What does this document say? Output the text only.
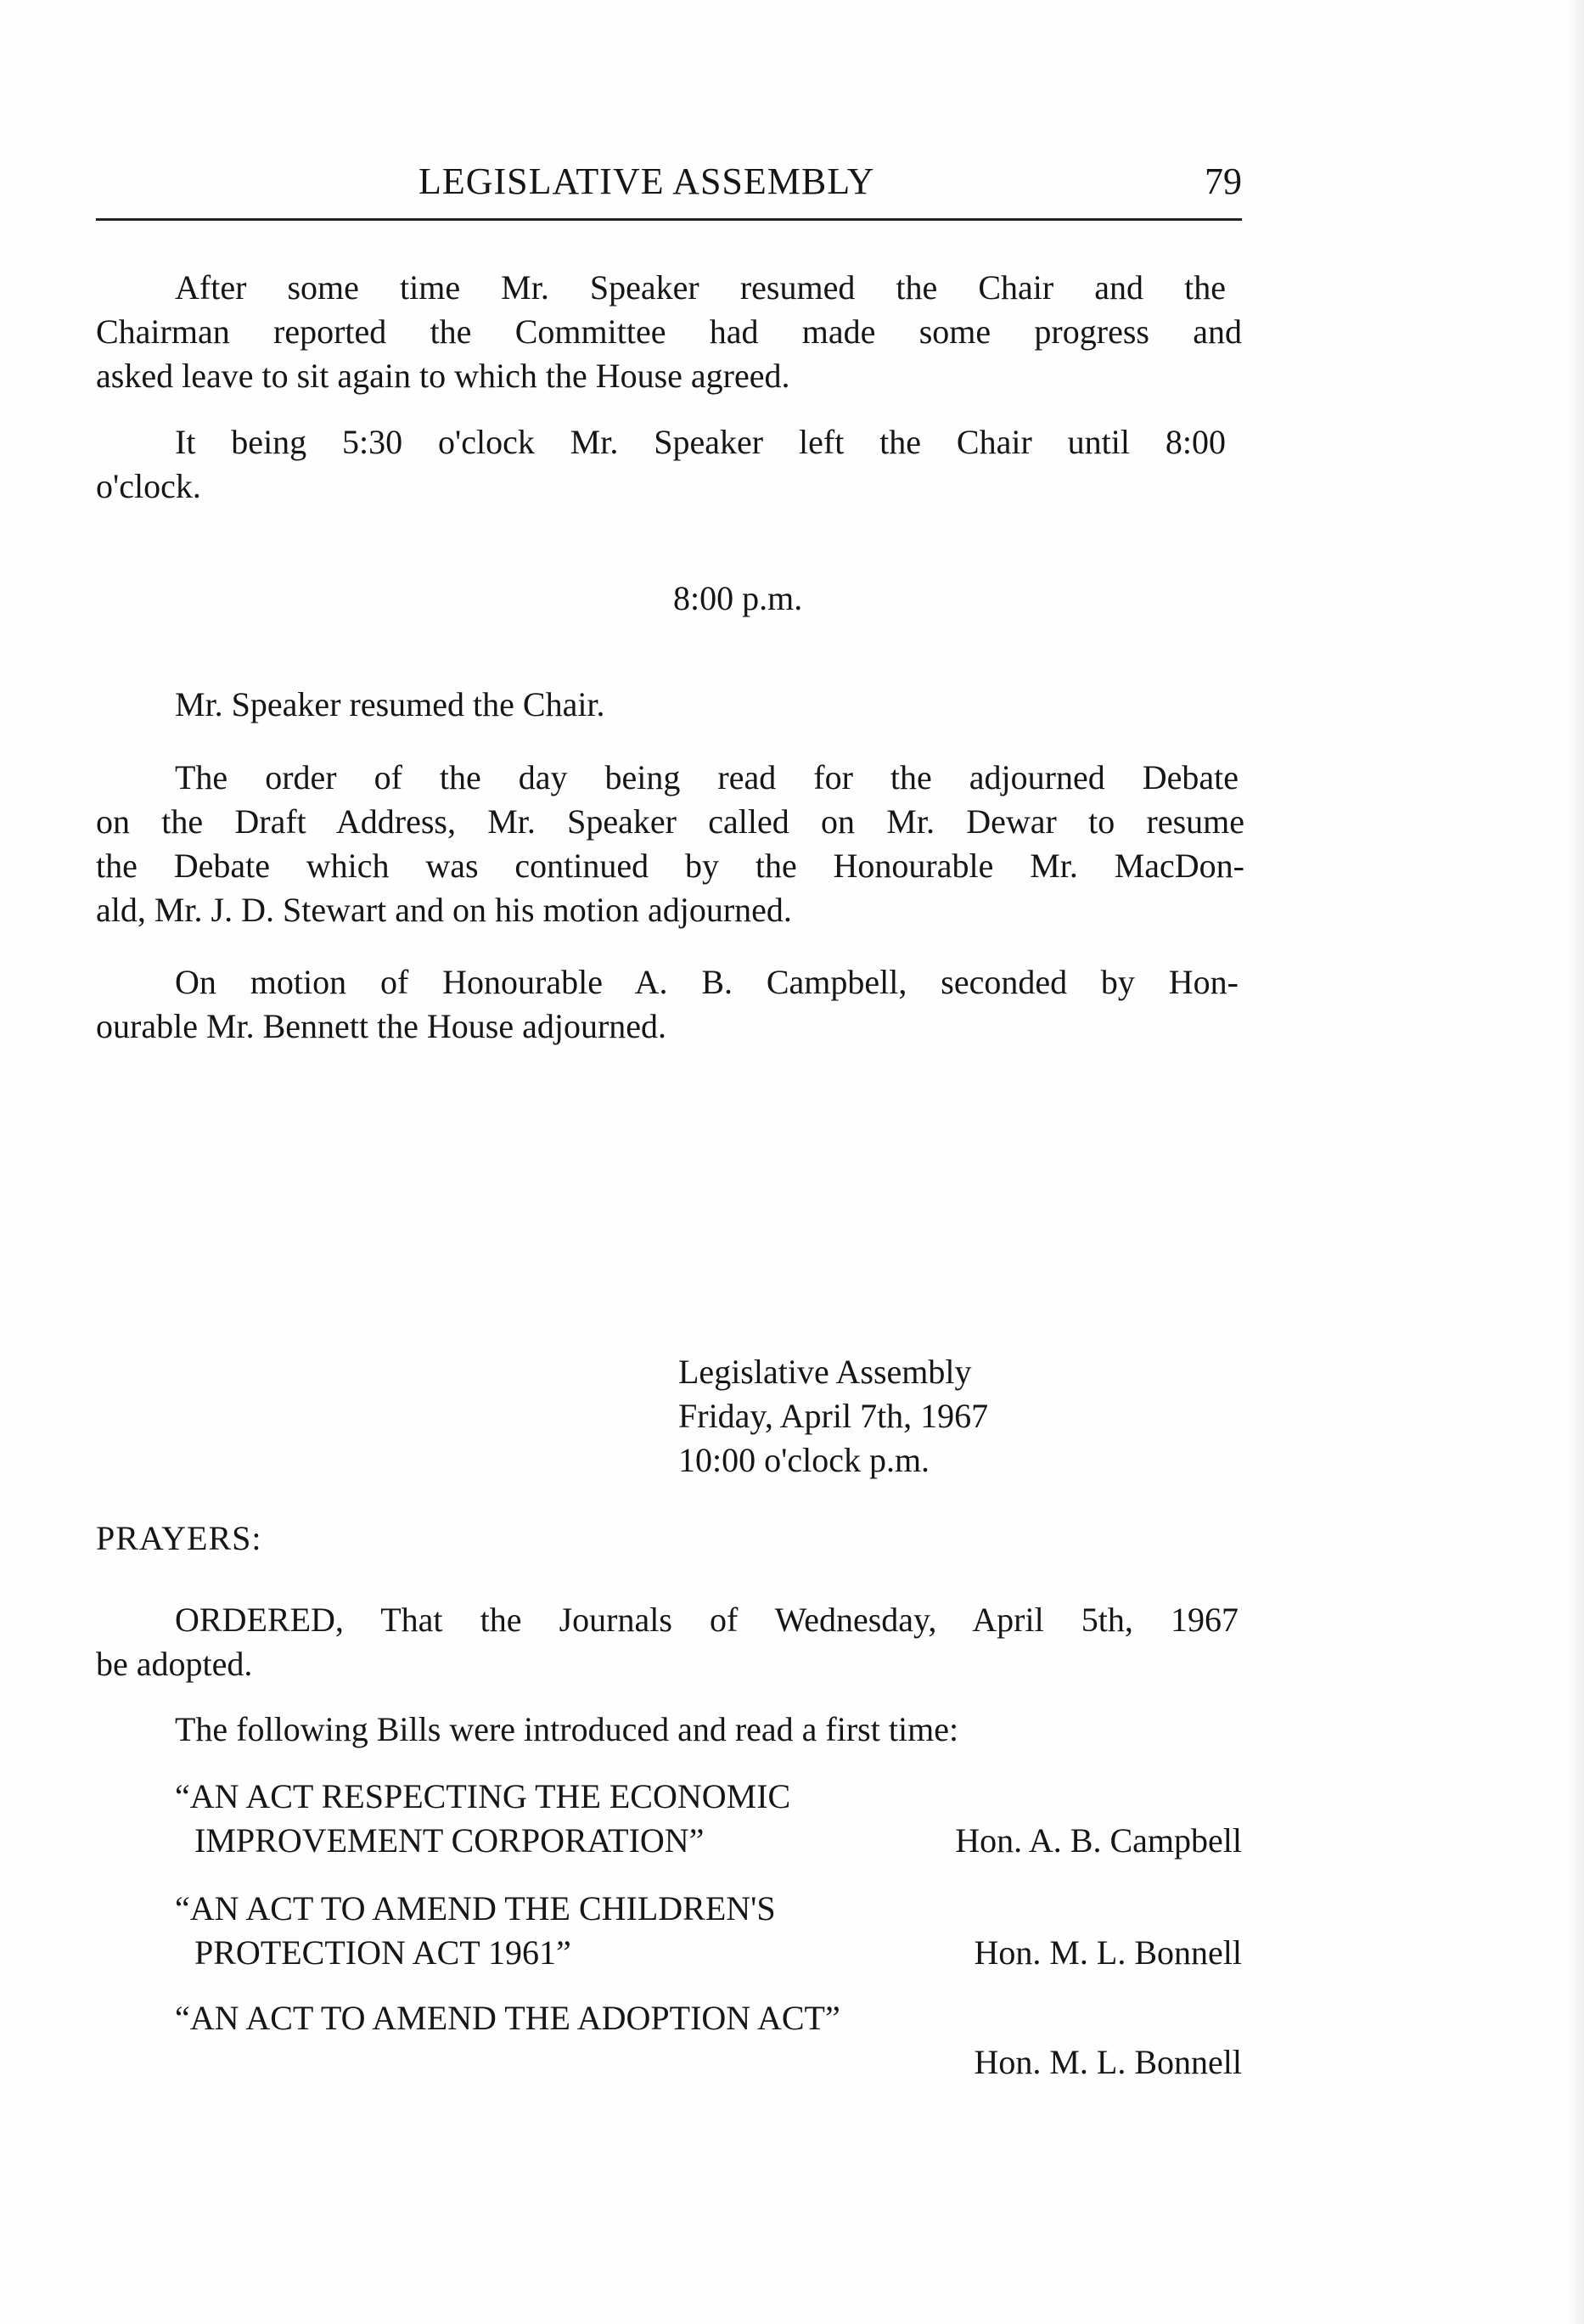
LEGISLATIVE ASSEMBLY	79
After some time Mr. Speaker resumed the Chair and the
Chairman reported the Committee had made some progress and
asked leave to sit again to which the House agreed.
It being 5:30 o'clock Mr. Speaker left the Chair until 8:00
o'clock.
8:00 p.m.
Mr. Speaker resumed the Chair.
The order of the day being read for the adjourned Debate
on the Draft Address, Mr. Speaker called on Mr. Dewar to resume
the Debate which was continued by the Honourable Mr. MacDon-
ald, Mr. J. D. Stewart and on his motion adjourned.
On motion of Honourable A. B. Campbell, seconded by Hon-
ourable Mr. Bennett the House adjourned.
Legislative Assembly
Friday, April 7th, 1967
10:00 o'clock p.m.
PRAYERS:
ORDERED, That the Journals of Wednesday, April 5th, 1967
be adopted.
The following Bills were introduced and read a first time:
“AN ACT RESPECTING THE ECONOMIC
IMPROVEMENT CORPORATION”	Hon. A. B. Campbell
“AN ACT TO AMEND THE CHILDREN'S
PROTECTION ACT 1961”	Hon. M. L. Bonnell
“AN ACT TO AMEND THE ADOPTION ACT”
Hon. M. L. Bonnell
